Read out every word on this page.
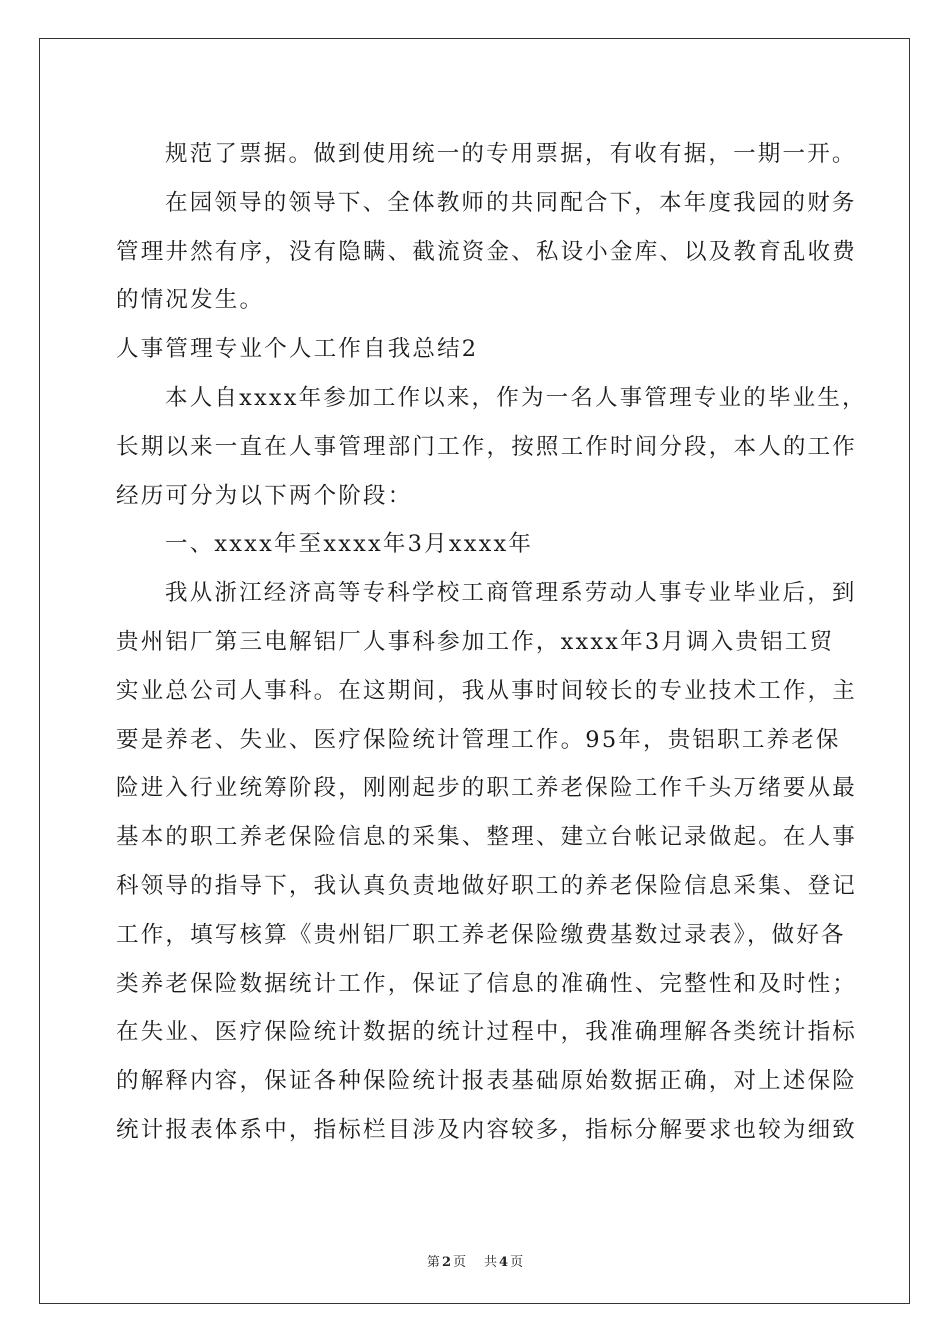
规范了票据。做到使用统一的专用票据，有收有据，一期一开。
在园领导的领导下、全体教师的共同配合下，本年度我园的财务
管理井然有序，没有隐瞒、截流资金、私设小金库、以及教育乱收费
的情况发生。
人事管理专业个人工作自我总结2
本人自xxxx年参加工作以来，作为一名人事管理专业的毕业生，
长期以来一直在人事管理部门工作，按照工作时间分段，本人的工作
经历可分为以下两个阶段：
一、xxxx年至xxxx年3月xxxx年
我从浙江经济高等专科学校工商管理系劳动人事专业毕业后，到
贵州铝厂第三电解铝厂人事科参加工作，xxxx年3月调入贵铝工贸
实业总公司人事科。在这期间，我从事时间较长的专业技术工作，主
要是养老、失业、医疗保险统计管理工作。95年，贵铝职工养老保
险进入行业统筹阶段，刚刚起步的职工养老保险工作千头万绪要从最
基本的职工养老保险信息的采集、整理、建立台帐记录做起。在人事
科领导的指导下，我认真负责地做好职工的养老保险信息采集、登记
工作，填写核算《贵州铝厂职工养老保险缴费基数过录表》，做好各
类养老保险数据统计工作，保证了信息的准确性、完整性和及时性；
在失业、医疗保险统计数据的统计过程中，我准确理解各类统计指标
的解释内容，保证各种保险统计报表基础原始数据正确，对上述保险
统计报表体系中，指标栏目涉及内容较多，指标分解要求也较为细致
第 2 页 共 4 页
